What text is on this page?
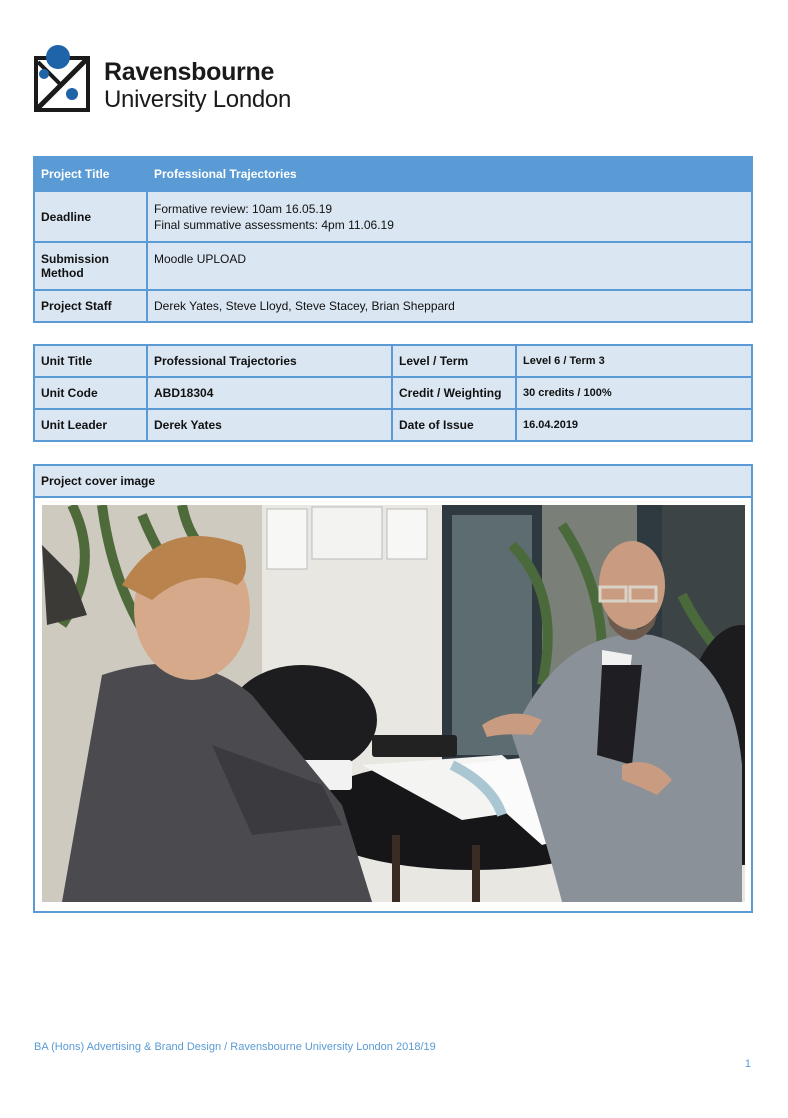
Ravensbourne
University London
Project Title	Professional Trajectories
Deadline	Formative review: 10am 16.05.19
Final summative assessments: 4pm 11.06.19

Submission
Method	Moodle UPLOAD
Project Staff	Derek Yates, Steve Lloyd, Steve Stacey, Brian Sheppard
Unit Title	Professional Trajectories	Level / Term	Level 6 / Term 3
Unit Code	ABD18304	Credit / Weighting	30 credits / 100%
Unit Leader	Derek Yates	Date of Issue	16.04.2019
Project cover image

BA (Hons) Advertising & Brand Design / Ravensbourne University London 2018/19
1
